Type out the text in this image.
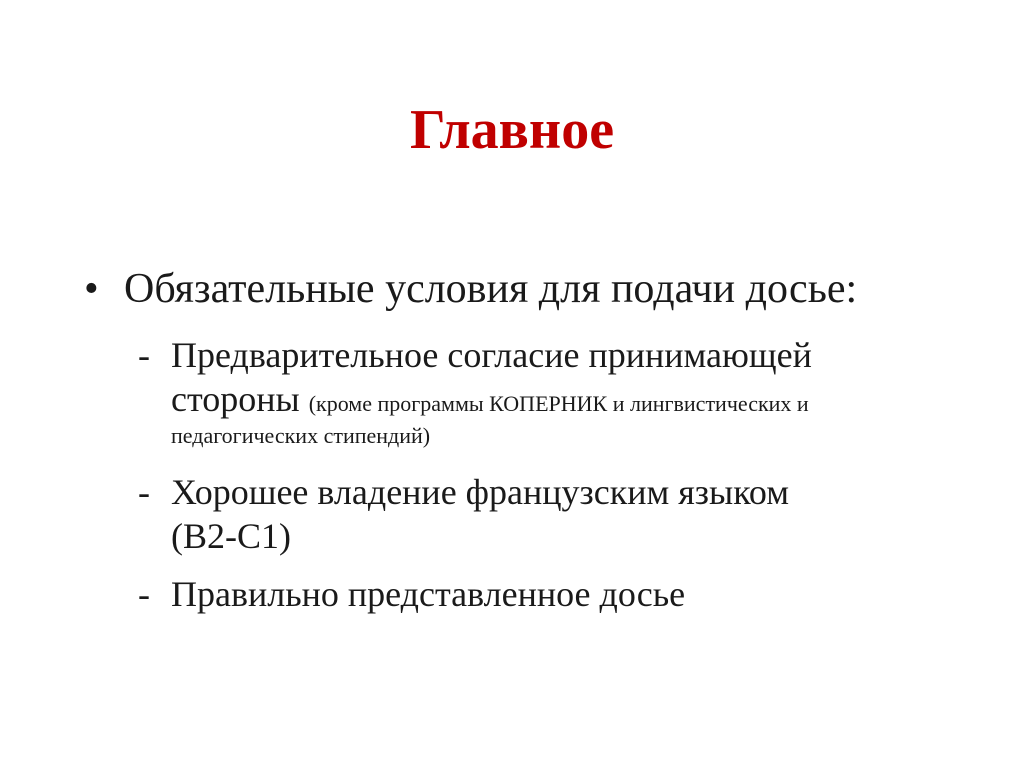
Главное
• Обязательные условия для подачи досье:
- Предварительное согласие принимающей
стороны (кроме программы КОПЕРНИК и лингвистических и
педагогических стипендий)
- Хорошее владение французским языком
(B2-C1)
- Правильно представленное досье
